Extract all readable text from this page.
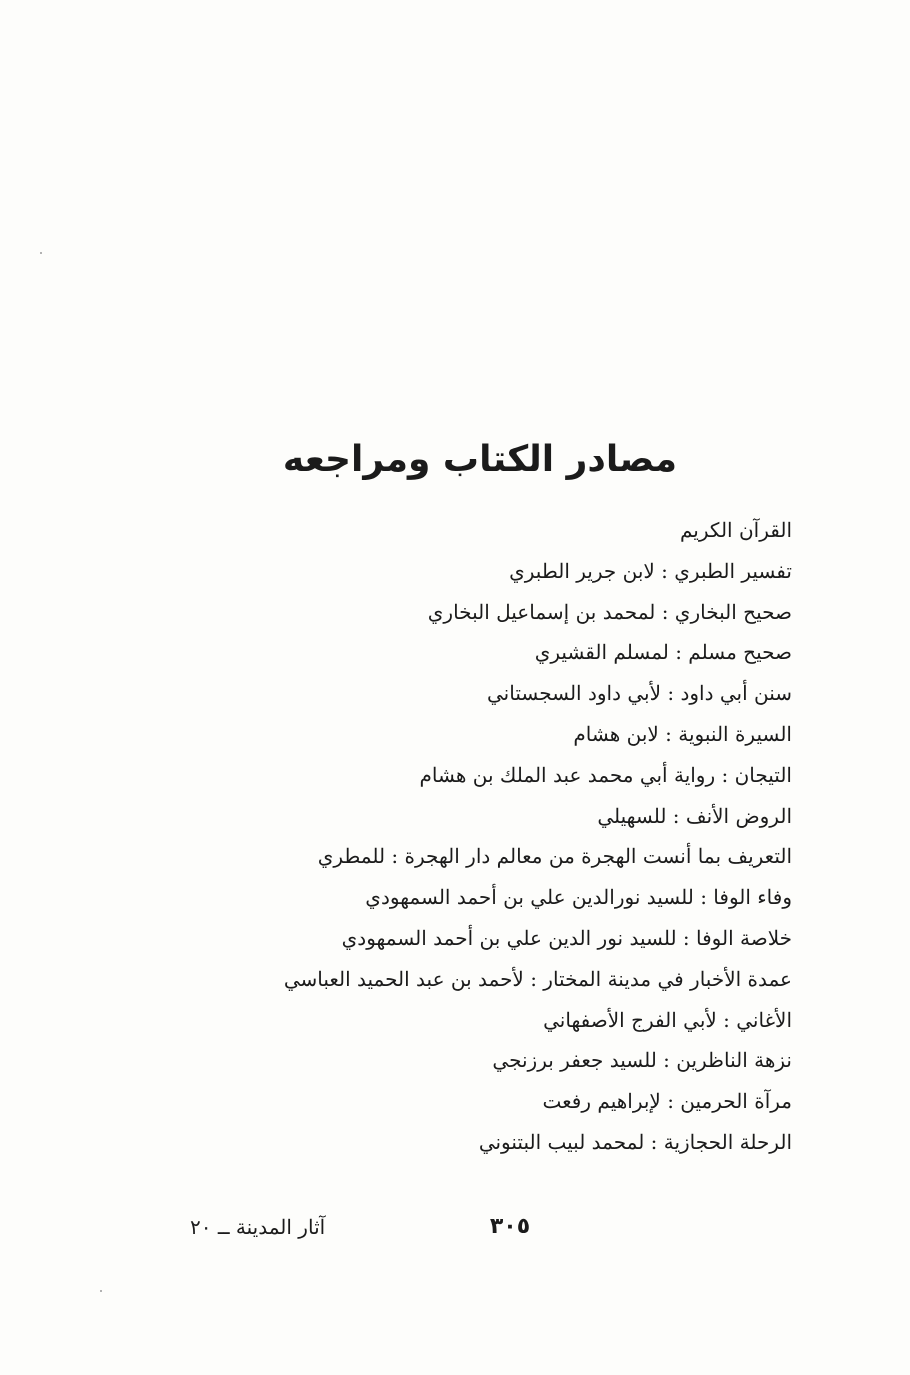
مصادر الكتاب ومراجعه
القرآن الكريم
تفسير الطبري : لابن جرير الطبري
صحيح البخاري : لمحمد بن إسماعيل البخاري
صحيح مسلم : لمسلم القشيري
سنن أبي داود : لأبي داود السجستاني
السيرة النبوية : لابن هشام
التيجان : رواية أبي محمد عبد الملك بن هشام
الروض الأنف : للسهيلي
التعريف بما أنست الهجرة من معالم دار الهجرة : للمطري
وفاء الوفا : للسيد نورالدين علي بن أحمد السمهودي
خلاصة الوفا : للسيد نور الدين علي بن أحمد السمهودي
عمدة الأخبار في مدينة المختار : لأحمد بن عبد الحميد العباسي
الأغاني : لأبي الفرج الأصفهاني
نزهة الناظرين : للسيد جعفر برزنجي
مرآة الحرمين : لإبراهيم رفعت
الرحلة الحجازية : لمحمد لبيب البتنوني
٣٠٥
آثار المدينة ــ ٢٠
